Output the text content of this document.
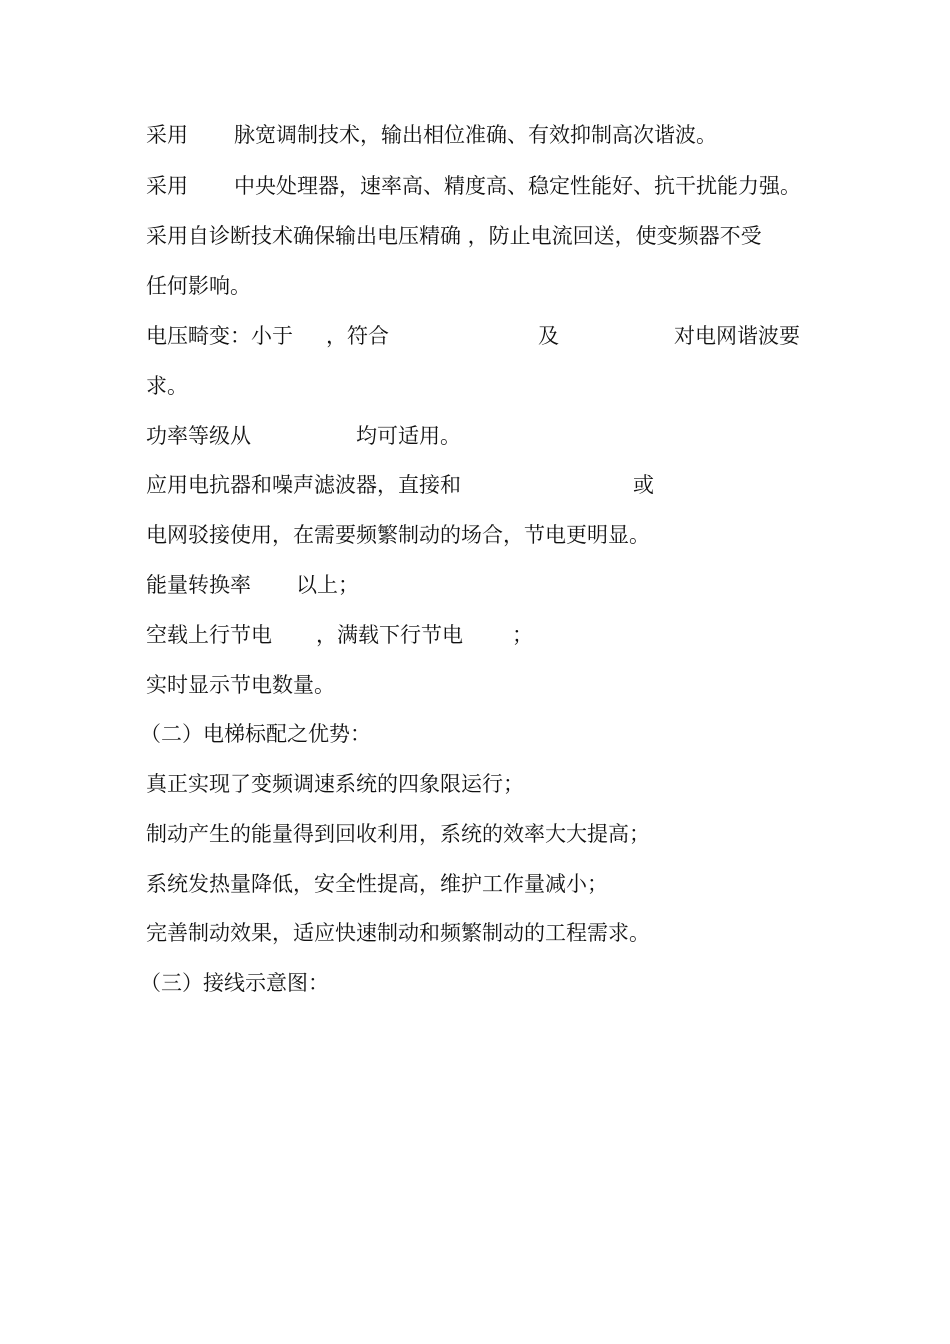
采用

脉宽调制技术，输出相位准确、有效抑制高次谐波。

采用

中央处理器，速率高、精度高、稳定性能好、抗干扰能力强。

采用自诊断技术确保输出电压精确 ，防止电流回送，使变频器不受

任何影响。

电压畸变：小于

，符合

	及

	对电网谐波要

求。

功率等级从

	均可适用。

应用电抗器和噪声滤波器，直接和

	或

电网驳接使用，在需要频繁制动的场合，节电更明显。

能量转换率

以上；

空载上行节电

，满载下行节电

；

实时显示节电数量。

（二）电梯标配之优势：

真正实现了变频调速系统的四象限运行；

制动产生的能量得到回收利用，系统的效率大大提高；

系统发热量降低，安全性提高，维护工作量减小；

完善制动效果，适应快速制动和频繁制动的工程需求。

（三）接线示意图：
